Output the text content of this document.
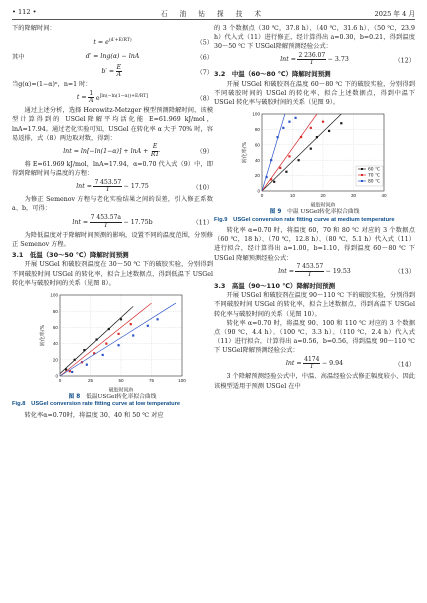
• 112 •	石 油 钻 探 技 术	2025 年 4 月

下的降解时间：

$t = e^{(d'+E/RT)}$	（5）
其中	d′ = lng(α) − lnA	（6）
$b' = \frac{E}{A}$	（7）

当g(α)=(1−α)ⁿ，n=1 时：

$t = \frac{1}{A} e[\ln(-\ln(1-\alpha))+E/RT]$	（8）

通过上述分析，选择 Horowitz-Metzger 模型预测降解时间，该模型计算得到的 USGel降解平均活化能 E=61.969 kJ/mol，lnA=17.94。通过老化实验可知，USGel 在转化率 α 大于 70% 时，容易返排，式（8）两边取对数，得到：

$\ln t = \ln[-\ln(1-\alpha)] + \ln A + \frac{E}{RT}$	（9）

将 E=61.969 kJ/mol，lnA=17.94，α=0.70 代入式（9）中，即得到降解时间与温度的方程：

$\ln t = \frac{7 453.57}{T} - 17.75$	（10）

为修正 Semenov 方程与老化实验结果之间的误差，引入修正系数 a、b，可得：

$\ln t = \frac{7 453.57a}{T} - 17.75b$	（11）

为降低温度对于降解时间预测的影响，设置不同的温度范围，分别修正 Semenov 方程。

3.1　低温（30～50 ℃）降解时间预测

开展 USGel 和破胶剂温度在 30～50 ℃ 下的破胶实验，分别得到不同破胶时间 USGel 的转化率，拟合上述数据点，得到低温下 USGel 转化率与破胶时间的关系（见图 8）。

0	25	50	75	100
0
20
40
60
80
100
破胶时间/h
转化率/%
图 8　 低温USGel转化率拟合曲线
Fig.8　 USGel conversion rate fitting curve at low temperature

转化率α=0.70时，将温度 30、40 和 50 ℃ 对应

的 3 个数据点（30 ℃，37.8 h）、（40 ℃，31.6 h）、（50 ℃，23.9 h）代入式（11）进行修正，经计算得出 a=0.30，b=0.21，得到温度 30～50 ℃ 下 USGel降解预测经验公式：

$\ln t = \frac{2 236.07}{T} - 3.73$	（12）

3.2　中温（60～80 ℃）降解时间预测

开展 USGel 和破胶剂在温度 60～80 ℃ 下的破胶实验，分别得到不同破胶时间的 USGel 的转化率，拟合上述数据点，得到中温下 USGel 转化率与破胶时间的关系（见图 9）。

0	10	20	30	40
0
20
40
60
80
100
破胶时间/h
转化率/%
60 ℃
70 ℃
80 ℃
图 9　 中温 USGel转化率拟合曲线
Fig.9　 USGel conversion rate fitting curve at medium temperature

转化率 α=0.70 时，将温度 60，70 和 80 ℃ 对应的 3 个数据点（60 ℃，18 h）、（70 ℃，12.8 h）、（80 ℃，5.1 h）代入式（11）进行拟合，经计算得出 a=1.00，b=1.10，得到温度 60～80 ℃ 下 USGel 降解预测经验公式：

$\ln t = \frac{7 453.57}{T} - 19.53$	（13）

3.3　高温（90～110 ℃）降解时间预测

开展 USGel 和破胶剂在温度 90～110 ℃ 下的破胶实验，分别得到不同破胶时间 USGel 的转化率，拟合上述数据点，得到高温下 USGel 转化率与破胶时间的关系（见图 10）。

转化率 α=0.70 时，将温度 90、100 和 110 ℃ 对应的 3 个数据点（90 ℃，4.4 h）、（100 ℃，3.3 h）、（110 ℃，2.4 h）代入式（11）进行拟合，计算得出 a=0.56，b=0.56，得到温度 90～110 ℃ 下 USGel降解预测经验公式：

$\ln t = \frac{4174}{T} - 9.94$	（14）

3 个降解预测经验公式中，中温、高温经验公式修正幅度较小，因此该模型适用于预测 USGel 在中
